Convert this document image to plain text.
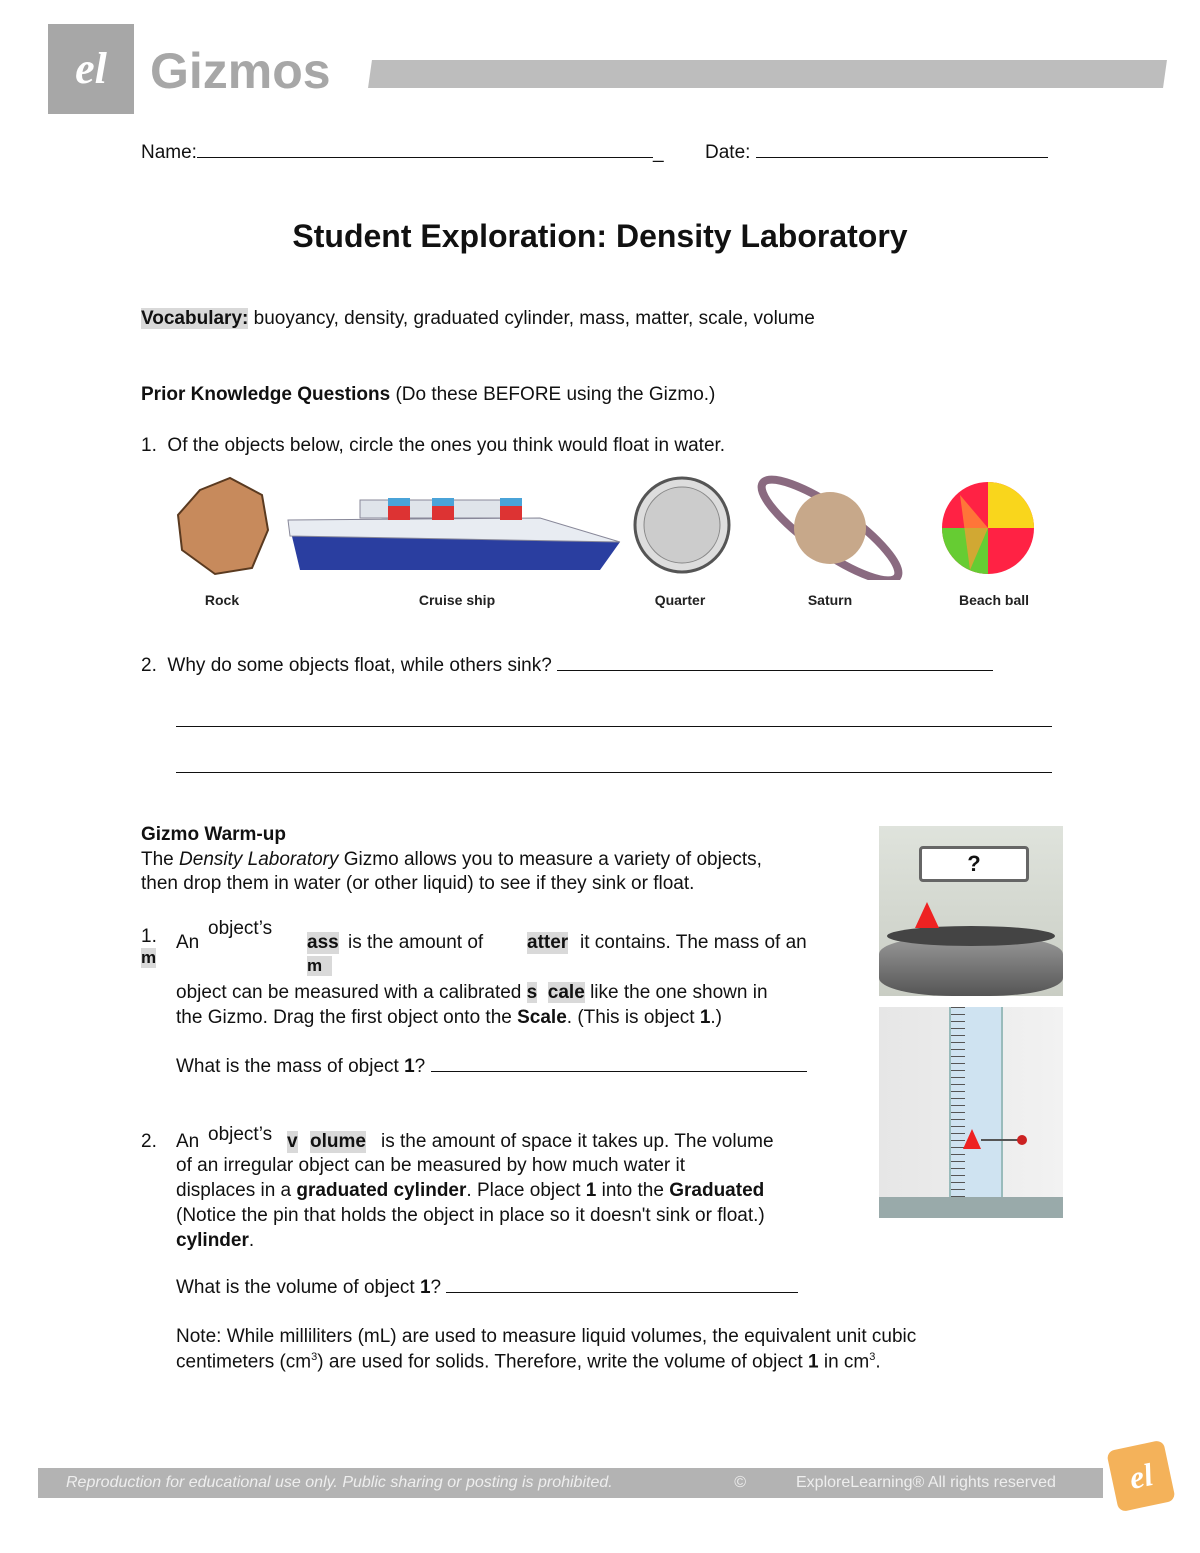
el Gizmos
Name:	_ Date:
Student Exploration: Density Laboratory
Vocabulary: buoyancy, density, graduated cylinder, mass, matter, scale, volume
Prior Knowledge Questions (Do these BEFORE using the Gizmo.)
1. Of the objects below, circle the ones you think would float in water.
Rock	Cruise ship	Quarter	Saturn	Beach ball
2. Why do some objects float, while others sink?
Gizmo Warm-up
The Density Laboratory Gizmo allows you to measure a variety of objects,
then drop them in water (or other liquid) to see if they sink or float.
1.
m
An
object’s
ass
m
is the amount of atter it contains. The mass of an
object can be measured with a calibrated s cale like the one shown in
the Gizmo. Drag the first object onto the Scale. (This is object 1.)
What is the mass of object 1?
2. An object’s v olume is the amount of space it takes up. The volume
of an irregular object can be measured by how much water it
displaces in a graduated cylinder. Place object 1 into the Graduated
(Notice the pin that holds the object in place so it doesn't sink or float.)
cylinder.
What is the volume of object 1?
Note: While milliliters (mL) are used to measure liquid volumes, the equivalent unit cubic
centimeters $(cm^3)$ are used for solids. Therefore, write the volume of object 1 in $cm^3$.
?
Reproduction for educational use only. Public sharing or posting is prohibited.	©	ExploreLearning® All rights reserved	el
